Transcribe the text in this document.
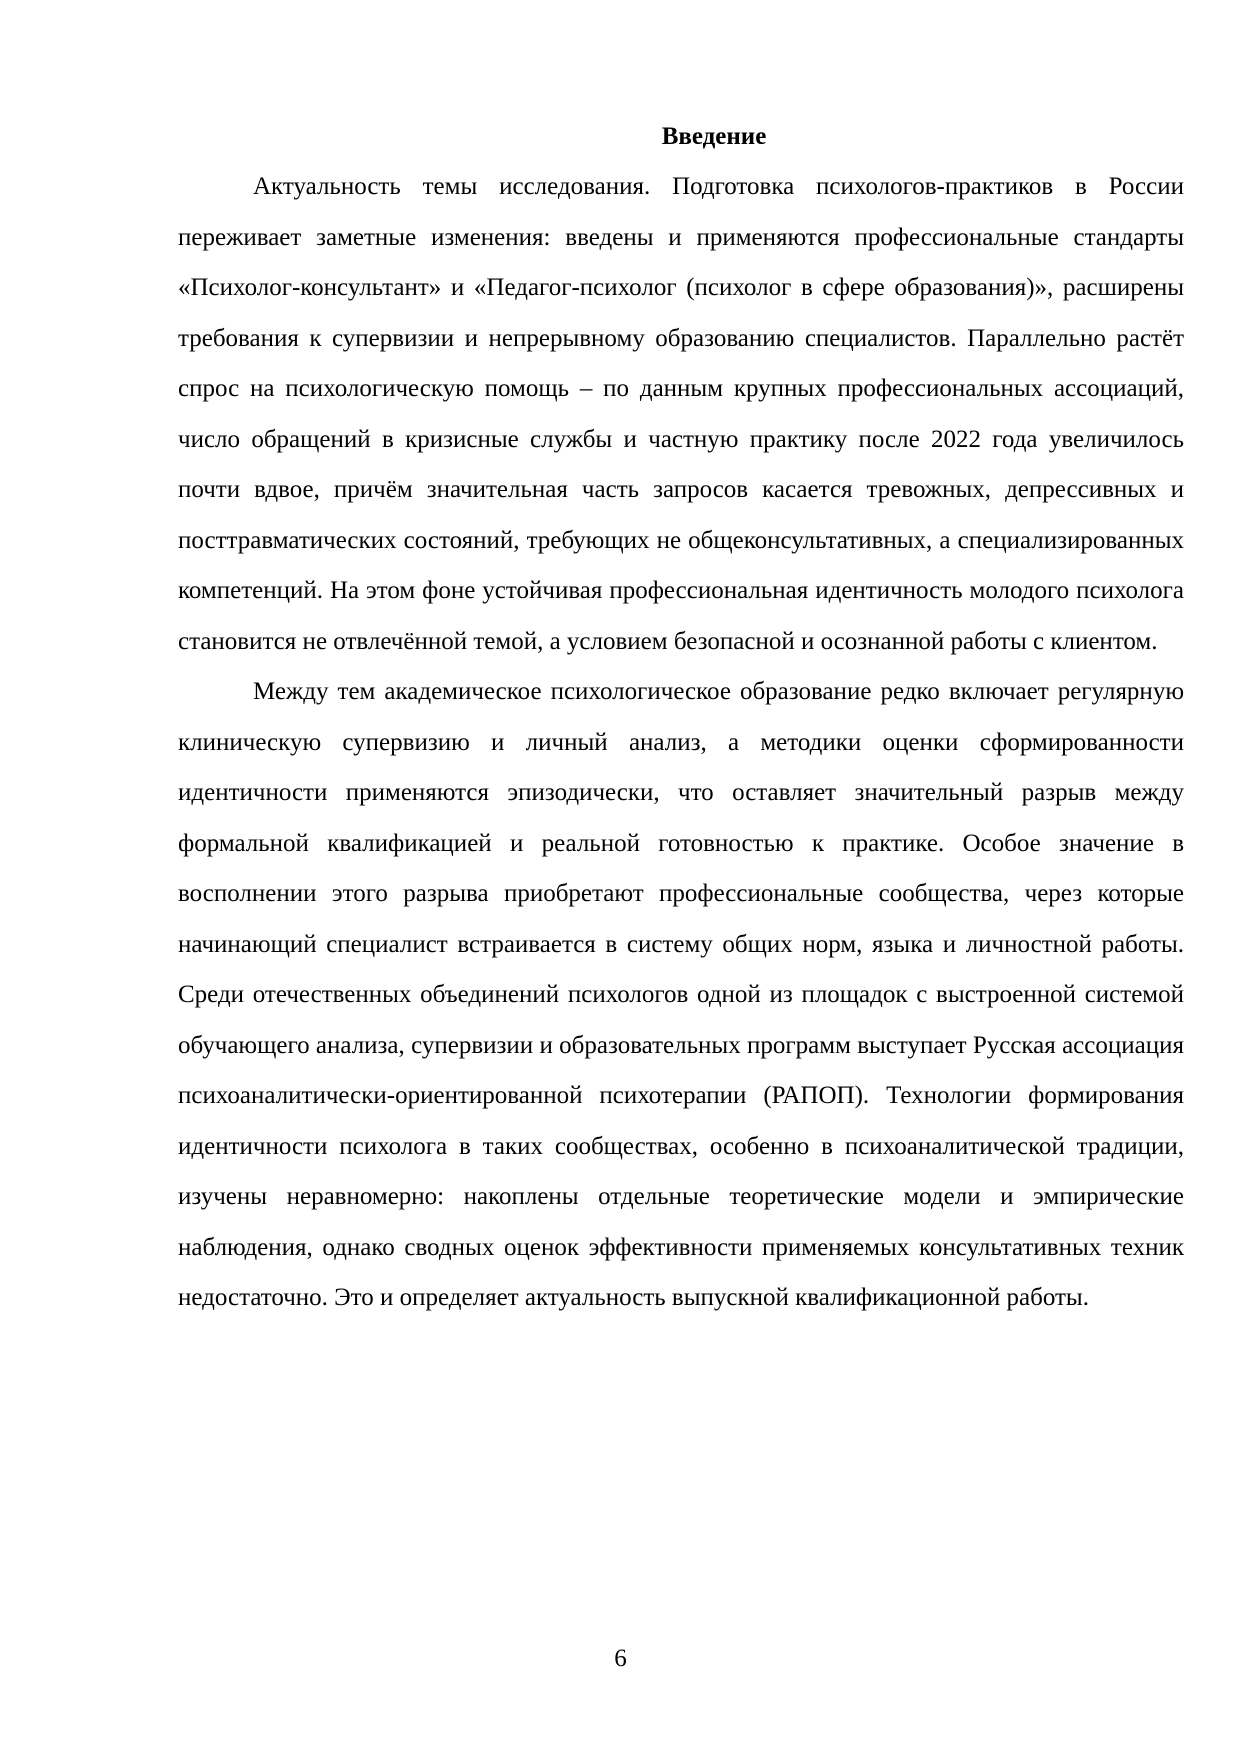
Введение

Актуальность темы исследования. Подготовка психологов-практиков в России переживает заметные изменения: введены и применяются профессиональные стандарты «Психолог-консультант» и «Педагог-психолог (психолог в сфере образования)», расширены требования к супервизии и непрерывному образованию специалистов. Параллельно растёт спрос на психологическую помощь – по данным крупных профессиональных ассоциаций, число обращений в кризисные службы и частную практику после 2022 года увеличилось почти вдвое, причём значительная часть запросов касается тревожных, депрессивных и посттравматических состояний, требующих не общеконсультативных, а специализированных компетенций. На этом фоне устойчивая профессиональная идентичность молодого психолога становится не отвлечённой темой, а условием безопасной и осознанной работы с клиентом.

Между тем академическое психологическое образование редко включает регулярную клиническую супервизию и личный анализ, а методики оценки сформированности идентичности применяются эпизодически, что оставляет значительный разрыв между формальной квалификацией и реальной готовностью к практике. Особое значение в восполнении этого разрыва приобретают профессиональные сообщества, через которые начинающий специалист встраивается в систему общих норм, языка и личностной работы. Среди отечественных объединений психологов одной из площадок с выстроенной системой обучающего анализа, супервизии и образовательных программ выступает Русская ассоциация психоаналитически-ориентированной психотерапии (РАПОП). Технологии формирования идентичности психолога в таких сообществах, особенно в психоаналитической традиции, изучены неравномерно: накоплены отдельные теоретические модели и эмпирические наблюдения, однако сводных оценок эффективности применяемых консультативных техник недостаточно. Это и определяет актуальность выпускной квалификационной работы.

6
